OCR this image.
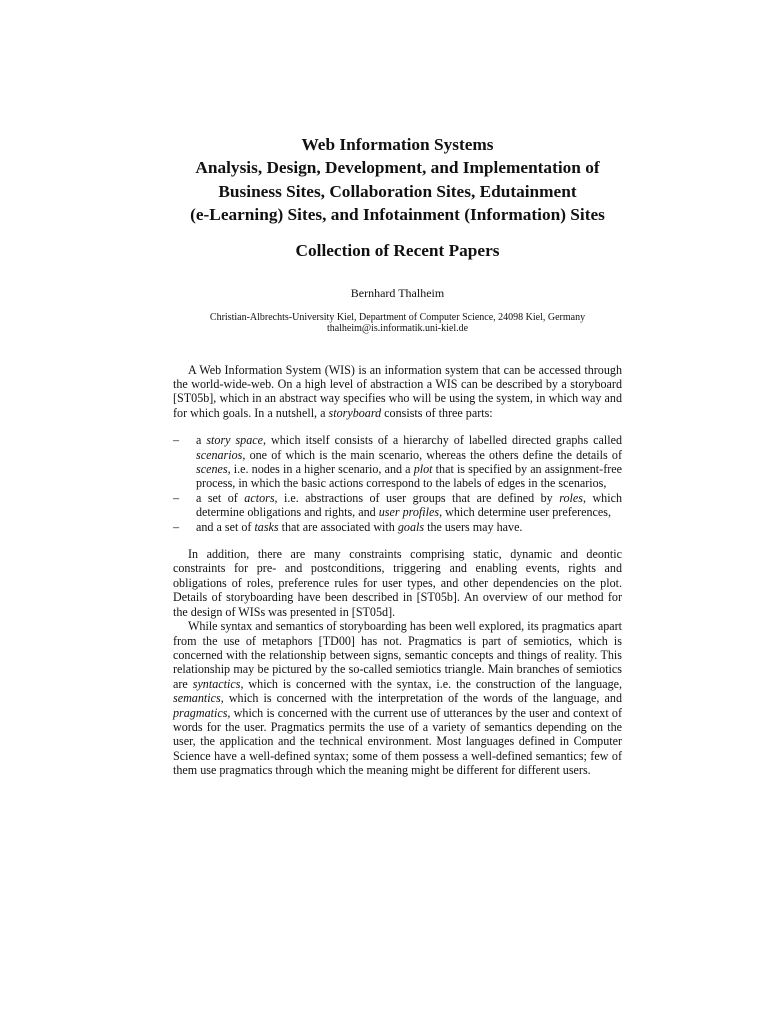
Web Information Systems
Analysis, Design, Development, and Implementation of
Business Sites, Collaboration Sites, Edutainment
(e-Learning) Sites, and Infotainment (Information) Sites
Collection of Recent Papers
Bernhard Thalheim
Christian-Albrechts-University Kiel, Department of Computer Science, 24098 Kiel, Germany
thalheim@is.informatik.uni-kiel.de

A Web Information System (WIS) is an information system that can be accessed through the world-wide-web. On a high level of abstraction a WIS can be described by a storyboard [ST05b], which in an abstract way specifies who will be using the system, in which way and for which goals. In a nutshell, a storyboard consists of three parts:

– a story space, which itself consists of a hierarchy of labelled directed graphs called scenarios, one of which is the main scenario, whereas the others define the details of scenes, i.e. nodes in a higher scenario, and a plot that is specified by an assignment-free process, in which the basic actions correspond to the labels of edges in the scenarios,
– a set of actors, i.e. abstractions of user groups that are defined by roles, which determine obligations and rights, and user profiles, which determine user preferences,
– and a set of tasks that are associated with goals the users may have.

In addition, there are many constraints comprising static, dynamic and deontic constraints for pre- and postconditions, triggering and enabling events, rights and obligations of roles, preference rules for user types, and other dependencies on the plot. Details of storyboarding have been described in [ST05b]. An overview of our method for the design of WISs was presented in [ST05d].

While syntax and semantics of storyboarding has been well explored, its pragmatics apart from the use of metaphors [TD00] has not. Pragmatics is part of semiotics, which is concerned with the relationship between signs, semantic concepts and things of reality. This relationship may be pictured by the so-called semiotics triangle. Main branches of semiotics are syntactics, which is concerned with the syntax, i.e. the construction of the language, semantics, which is concerned with the interpretation of the words of the language, and pragmatics, which is concerned with the current use of utterances by the user and context of words for the user. Pragmatics permits the use of a variety of semantics depending on the user, the application and the technical environment. Most languages defined in Computer Science have a well-defined syntax; some of them possess a well-defined semantics; few of them use pragmatics through which the meaning might be different for different users.
